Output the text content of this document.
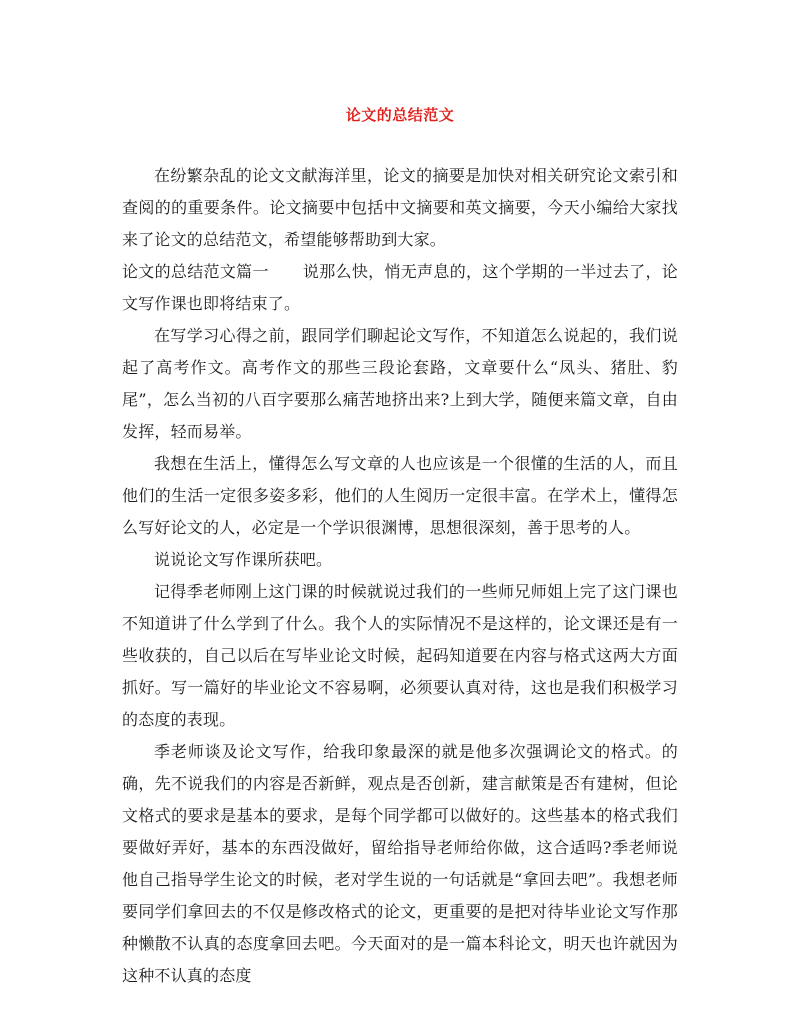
论文的总结范文

在纷繁杂乱的论文文献海洋里，论文的摘要是加快对相关研究论文索引和查阅的的重要条件。论文摘要中包括中文摘要和英文摘要，今天小编给大家找来了论文的总结范文，希望能够帮助到大家。

论文的总结范文篇一 说那么快，悄无声息的，这个学期的一半过去了，论文写作课也即将结束了。

在写学习心得之前，跟同学们聊起论文写作，不知道怎么说起的，我们说起了高考作文。高考作文的那些三段论套路，文章要什么“凤头、猪肚、豹尾”，怎么当初的八百字要那么痛苦地挤出来?上到大学，随便来篇文章，自由发挥，轻而易举。

我想在生活上，懂得怎么写文章的人也应该是一个很懂的生活的人，而且他们的生活一定很多姿多彩，他们的人生阅历一定很丰富。在学术上，懂得怎么写好论文的人，必定是一个学识很渊博，思想很深刻，善于思考的人。

说说论文写作课所获吧。

记得季老师刚上这门课的时候就说过我们的一些师兄师姐上完了这门课也不知道讲了什么学到了什么。我个人的实际情况不是这样的，论文课还是有一些收获的，自己以后在写毕业论文时候，起码知道要在内容与格式这两大方面抓好。写一篇好的毕业论文不容易啊，必须要认真对待，这也是我们积极学习的态度的表现。

季老师谈及论文写作，给我印象最深的就是他多次强调论文的格式。的确，先不说我们的内容是否新鲜，观点是否创新，建言献策是否有建树，但论文格式的要求是基本的要求，是每个同学都可以做好的。这些基本的格式我们要做好弄好，基本的东西没做好，留给指导老师给你做，这合适吗?季老师说他自己指导学生论文的时候，老对学生说的一句话就是“拿回去吧”。我想老师要同学们拿回去的不仅是修改格式的论文，更重要的是把对待毕业论文写作那种懒散不认真的态度拿回去吧。今天面对的是一篇本科论文，明天也许就因为这种不认真的态度
